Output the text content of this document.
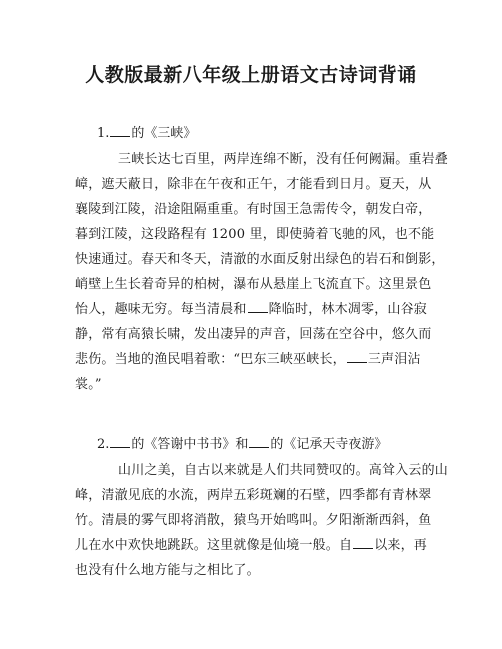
人教版最新八年级上册语文古诗词背诵
1. 的《三峡》
三峡长达七百里，两岸连绵不断，没有任何阙漏。重岩叠
嶂，遮天蔽日，除非在午夜和正午，才能看到日月。夏天，从
襄陵到江陵，沿途阻隔重重。有时国王急需传令，朝发白帝，
暮到江陵，这段路程有 1200 里，即使骑着飞驰的风，也不能
快速通过。春天和冬天，清澈的水面反射出绿色的岩石和倒影，
峭壁上生长着奇异的柏树，瀑布从悬崖上飞流直下。这里景色
怡人，趣味无穷。每当清晨和 降临时，林木凋零，山谷寂
静，常有高猿长啸，发出凄异的声音，回荡在空谷中，悠久而
悲伤。当地的渔民唱着歌：“巴东三峡巫峡长， 三声泪沾
裳。”
2. 的《答谢中书书》和 的《记承天寺夜游》
山川之美，自古以来就是人们共同赞叹的。高耸入云的山
峰，清澈见底的水流，两岸五彩斑斓的石壁，四季都有青林翠
竹。清晨的雾气即将消散，猿鸟开始鸣叫。夕阳渐渐西斜，鱼
儿在水中欢快地跳跃。这里就像是仙境一般。自 以来，再
也没有什么地方能与之相比了。
